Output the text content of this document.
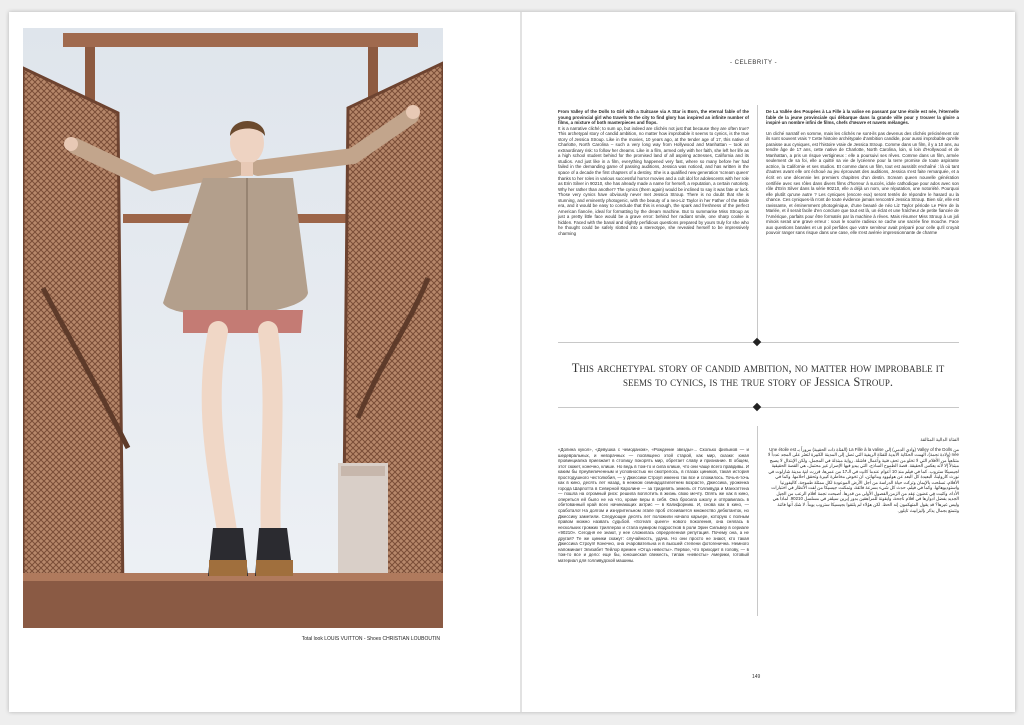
Total look LOUIS VUITTON - Shoes CHRISTIAN LOUBOUTIN
- CELEBRITY -

From Valley of the Dolls to Girl with a Suitcase via A Star is Born, the eternal fable of the young provincial girl who travels to the city to find glory has inspired an infinite number of films, a mixture of both masterpieces and flops.

It is a narrative cliché; to sum up, but indeed are clichés not just that because they are often true? This archetypal story of candid ambition, no matter how improbable it seems to cynics, is the true story of Jessica Stroup. Like in the movies, 10 years ago, at the tender age of 17, this native of Charlotte, North Carolina – such a very long way from Hollywood and Manhattan – took an extraordinary risk: to follow her dreams. Like in a film, armed only with her faith, she left her life as a high school student behind for the promised land of all aspiring actresses, California and its studios. And just like in a film, everything happened very fast, where so many before her had failed in the demanding game of passing auditions, Jessica was noticed, and has written in the space of a decade the first chapters of a destiny. She is a qualified new generation 'scream queen' thanks to her roles in various successful horror movies and a cult idol for adolescents with her role as Erin Silver in 90210, she has already made a name for herself, a reputation, a certain notoriety. Why her rather than another? The cynics (them again) would be inclined to say it was fate or luck. Those very cynics have obviously never met Jessica Stroup. There is no doubt that she is stunning, and eminently photogenic, with the beauty of a neo-Liz Taylor in her Father of the Bride era, and it would be easy to conclude that this is enough, the spark and freshness of the perfect American fiancée, ideal for formatting by the dream machine. But to summarise Miss Stroup as just a pretty little face would be a grave error: behind her radiant smile, one sharp cookie is hidden. Faced with the banal and slightly perfidious questions prepared by yours truly for she who he thought could be safely slotted into a stereotype, she revealed herself to be impressively charming

De La Vallée des Poupées à La Fille à la valise en passant par Une étoile est née, l'éternelle fable de la jeune provinciale qui débarque dans la grande ville pour y trouver la gloire a inspiré un nombre infini de films, chefs d'œuvre et navets mélangés.

Un cliché narratif en somme, mais les clichés ne sont-ils pas devenus des clichés précisément car ils sont souvent vrais ? Cette histoire archétypale d'ambition candide, pour aussi improbable qu'elle paraisse aux cyniques, est l'histoire vraie de Jessica Stroup. Comme dans un film, il y a 10 ans, au tendre âge de 17 ans, cette native de Charlotte, North Carolina, loin, si loin d'Hollywood et de Manhattan, a pris un risque vertigineux : elle a poursuivi ses rêves. Comme dans un film, armée seulement de sa foi, elle a quitté sa vie de lycéenne pour la terre promise de toute aspirante actrice, la Californie et ses studios. Et comme dans un film, tout est aussitôt enchaîné : là où tant d'autres avant elle ont échoué au jeu éprouvant des auditions, Jessica s'est faite remarquée, et a écrit en une décennie les premiers chapitres d'un destin. Scream queen nouvelle génération certifiée avec ses rôles dans divers films d'horreur à succès, idole cathodique pour ados avec son rôle d'Erin Silver dans la série 90210, elle a déjà un nom, une réputation, une notoriété. Pourquoi elle plutôt qu'une autre ? Les cyniques (encore eux) seront tentés de répondre le hasard ou la chance. Ces cyniques-là n'ont de toute évidence jamais rencontré Jessica Stroup. Bien sûr, elle est ravissante, et éminemment photogénique, d'une beauté de néo Liz Taylor période Le Père de la Mariée, et il serait facile d'en conclure que tout est là, un éclat et une fraîcheur de petite fiancée de l'Amérique, parfaits pour être formatés par la machine à rêves. Mais résumer Miss Stroup à un joli minois serait une grave erreur : sous le sourire radieux se cache une sacrée fine mouche. Face aux questions banales et un poil perfides que votre serviteur avait préparé pour celle qu'il croyait pouvoir ranger sans risque dans une case, elle s'est avérée impressionnante de charme

This archetypal story of candid ambition, no matter how improbable it seems to cynics, is the true story of Jessica Stroup.

«Долина кукол», «Девушка с чемоданом», «Рождение звезды»... Сколько фильмов — и шедевральных, и невзрачных — посвящено этой старой, как мир, сказке: юная провинциалка приезжает в столицу покорять мир, обретает славу и признание. В общем, этот сюжет, конечно, клише. Но ведь в том-то и сила клише, что они чаще всего правдивы. И каким бы преувеличенным и условностью ни смотрелось, в глазах циников, такая история простодушного честолюбия, — у Джессики Строуп именно так все и сложилось. Точь-в-точь как в кино, десять лет назад, в нежном семнадцатилетнем возрасте, Джессика, уроженка города Шарлотта в Северной Каролине — за тридевять земель от Голливуда и Манхэттена — пошла на огромный риск: решила воплотить в жизнь свою мечту. Опять же как в кино, опереться ей было не на что, кроме веры в себя. Она бросила школу и отправилась в обетованный край всех начинающих актрис — в Калифорнию. И, снова как в кино, — сработало! На долгом и изнурительном этапе проб отсеивается множество дебютанток, но Джессику заметили. Следующие десять лет положили начало карьере, которую с полным правом можно назвать судьбой. «Scream queen» нового поколения, она снялась в нескольких громких триллерах и стала кумиром подростков в роли Эрин Сильвер в сериале «90210». Сегодня ее знают, у нее сложилась определенная репутация. Почему она, а не другая? Те же циники скажут: случайность, удача. Но они просто не знают, кто такая Джессика Строуп! Конечно, она очаровательна и в высшей степени фотогенична. Немного напоминает Элизабет Тейлор времен «Отца невесты». Первое, что приходит в голову, — в том-то все и дело: еще бы, юношеская свежесть, типаж «невесты» Америки, готовый материал для голливудской машины.

الفتاة الدالية المتألقة

من Valley of the Dolls (وادي الدمى) إلى La Fille à la valise (الفتاة ذات الحقيبة) مروراً بـ Une étoile est née (ولادة نجمة)، ألهمت الحكاية الأبدية للفتاة الريفية التي تصل إلى المدينة الكبيرة لتعثر على المجد عدداً لا متناهياً من الأفلام التي لا تخلو من تحف فنية وأعمال فاشلة. رواية مبتذلة في المجمل، ولكن الإبتذال لا يصبح مبتذلاً إلا لأنه يعكس الحقيقة. قصة الطموح الساذج، التي يبدو فيها الإصرار غير محتمل، هي القصة الحقيقية لجيسيكا ستروب. كما في فيلم منذ 10 أعوام عندما كانت في الـ17 من عمرها، قررت ابنة مدينة شارلوت في نورث كارولينا، البعيدة كل البعد عن هوليوود ومانهاتن، أن تخوض مخاطرة كبيرة وتحقق أحلامها. وكما في الأفلام، تسلحت بالإيمان وتركت حياة الدراسة من أجل الأرض الموعودة لكل ممثلة طموحة، كاليفورنيا واستوديوهاتها. وكما في فيلم، حدث كل شيء بسرعة فائقة، وتمكنت جيسيكا من لفت الأنظار في اختبارات الأداء، وكتبت في غضون عقد من الزمن الفصول الأولى من قدرها. أصبحت نجمة أفلام الرعب من الجيل الجديد بفضل أدوارها في أفلام ناجحة، وأيقونة للمراهقين بدور إيرين سيلفر في مسلسل 90210. لماذا هي وليس غيرها؟ قد يقول المتهكمون إنه الحظ. لكن هؤلاء لم يلتقوا بجيسيكا ستروب يوماً. لا شك أنها فاتنة وتتمتع بجمال يذكر بإليزابيث تايلور.

149
